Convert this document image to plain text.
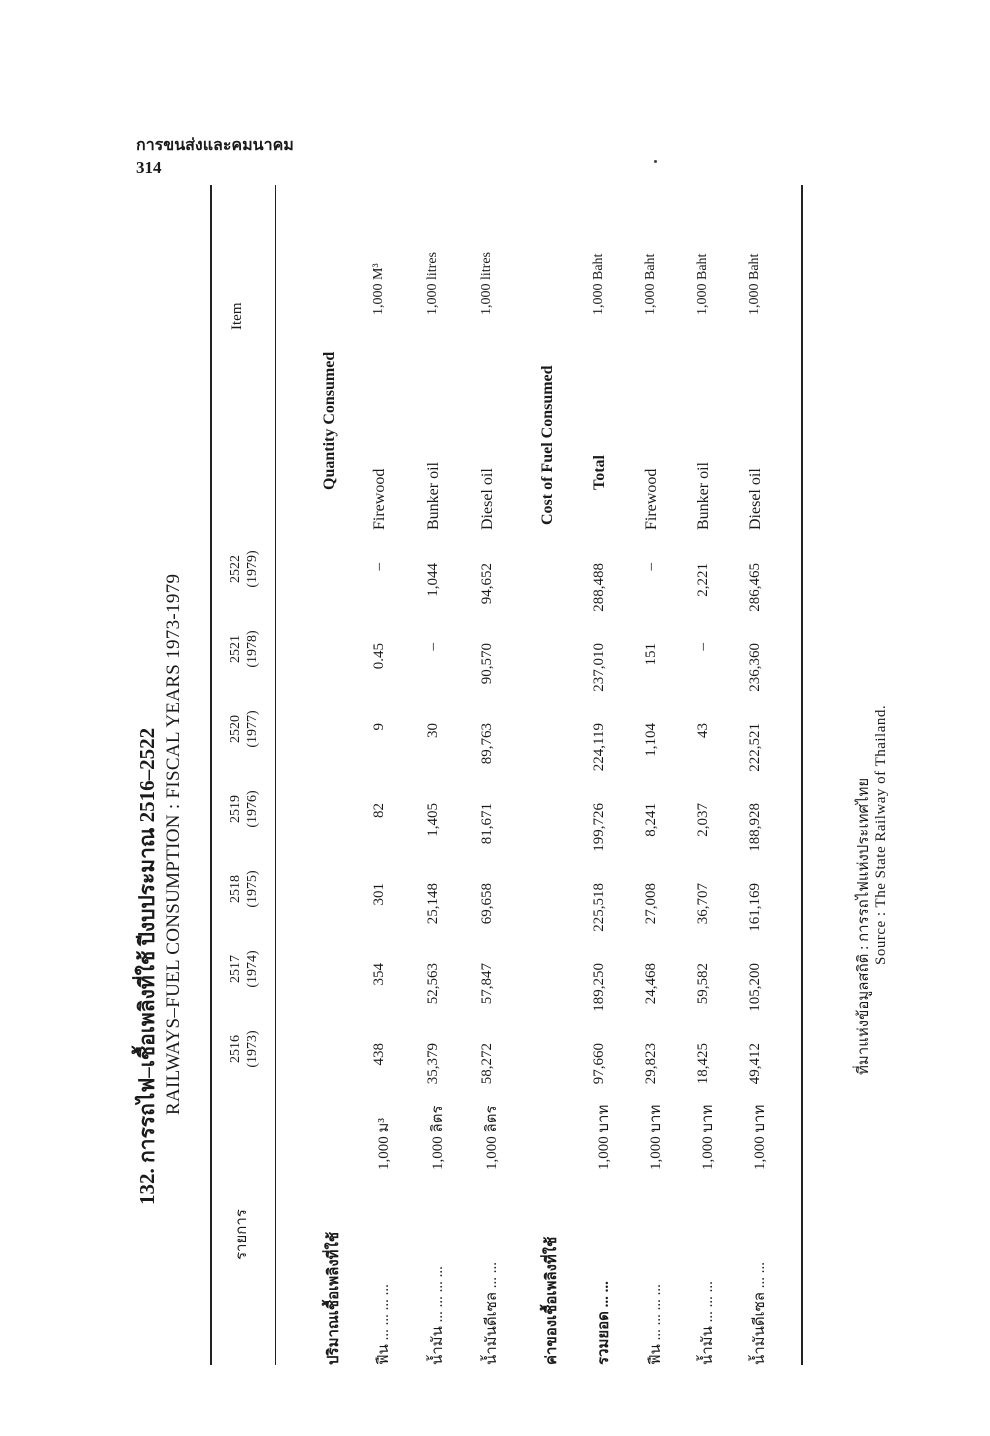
การขนส่งและคมนาคม
314
132. การรถไฟ–เชื้อเพลิงที่ใช้ ปีงบประมาณ 2516–2522 RAILWAYS–FUEL CONSUMPTION : FISCAL YEARS 1973-1979
รายการ
Item
2516 (1973)
2517 (1974)
2518 (1975)
2519 (1976)
2520 (1977)
2521 (1978)
2522 (1979)
ปริมาณเชื้อเพลิงที่ใช้
Quantity Consumed
ฟืน ... ... ... ...
1,000 ม³
438
354
301
82
9
0.45
–
Firewood
1,000 M³
น้ำมัน ... ... ... ...
1,000 ลิตร
35,379
52,563
25,148
1,405
30
–
1,044
Bunker oil
1,000 litres
น้ำมันดีเซล ... ...
1,000 ลิตร
58,272
57,847
69,658
81,671
89,763
90,570
94,652
Diesel oil
1,000 litres
ค่าของเชื้อเพลิงที่ใช้
Cost of Fuel Consumed
รวมยอด ... ...
1,000 บาท
97,660
189,250
225,518
199,726
224,119
237,010
288,488
Total
1,000 Baht
ฟืน ... ... ... ...
1,000 บาท
29,823
24,468
27,008
8,241
1,104
151
–
Firewood
1,000 Baht
น้ำมัน ... ... ...
1,000 บาท
18,425
59,582
36,707
2,037
43
–
2,221
Bunker oil
1,000 Baht
น้ำมันดีเซล ... ...
1,000 บาท
49,412
105,200
161,169
188,928
222,521
236,360
286,465
Diesel oil
1,000 Baht
ที่มาแห่งข้อมูลสถิติ : การรถไฟแห่งประเทศไทย Source : The State Railway of Thailand.
